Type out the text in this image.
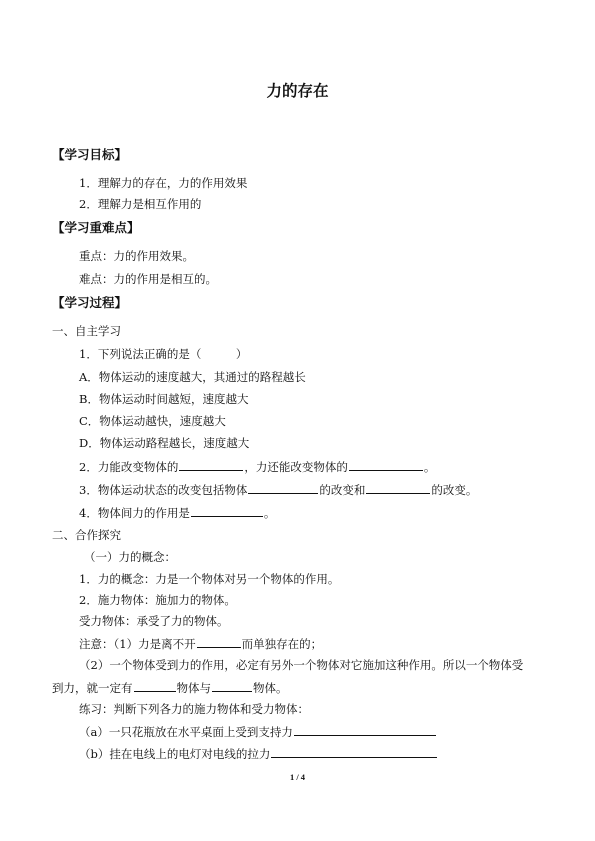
力的存在
【学习目标】
1．理解力的存在，力的作用效果
2．理解力是相互作用的
【学习重难点】
重点：力的作用效果。
难点：力的作用是相互的。
【学习过程】
一、自主学习
1．下列说法正确的是（　　　）
A．物体运动的速度越大，其通过的路程越长
B．物体运动时间越短，速度越大
C．物体运动越快，速度越大
D．物体运动路程越长，速度越大
2．力能改变物体的	，力还能改变物体的	。
3．物体运动状态的改变包括物体	的改变和	的改变。
4．物体间力的作用是	。
二、合作探究
（一）力的概念：
1．力的概念：力是一个物体对另一个物体的作用。
2．施力物体：施加力的物体。
受力物体：承受了力的物体。
注意：（1）力是离不开	而单独存在的；
（2）一个物体受到力的作用，必定有另外一个物体对它施加这种作用。所以一个物体受
到力，就一定有	物体与	物体。
练习：判断下列各力的施力物体和受力物体：
（a）一只花瓶放在水平桌面上受到支持力
（b）挂在电线上的电灯对电线的拉力
1 / 4
